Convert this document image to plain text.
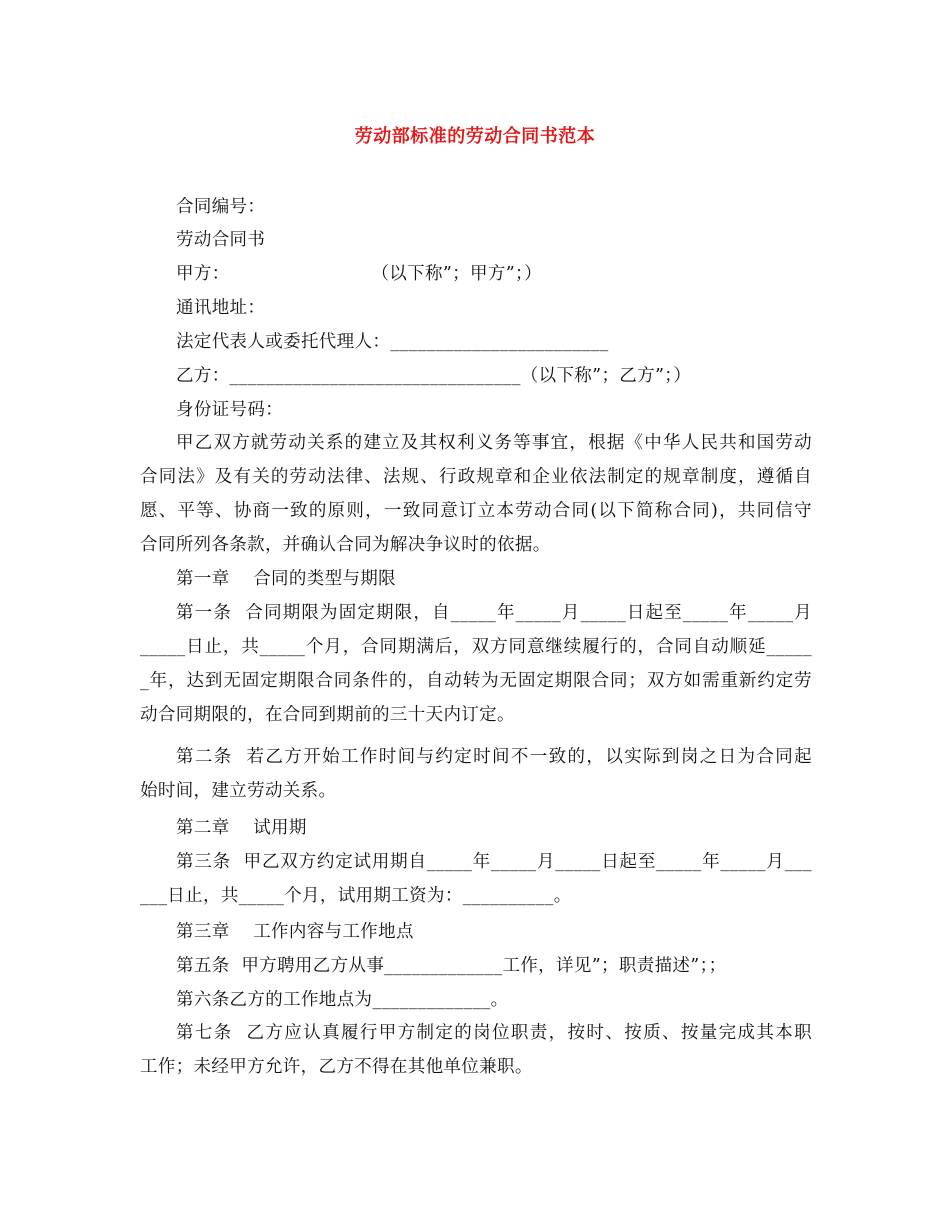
劳动部标准的劳动合同书范本
合同编号：
劳动合同书
甲方：                        （以下称”；甲方”；）
通讯地址：
法定代表人或委托代理人：________________________
乙方：________________________________（以下称”；乙方”；）
身份证号码：
甲乙双方就劳动关系的建立及其权利义务等事宜，根据《中华人民共和国劳动
合同法》及有关的劳动法律、法规、行政规章和企业依法制定的规章制度，遵循自
愿、平等、协商一致的原则，一致同意订立本劳动合同(以下简称合同)，共同信守
合同所列各条款，并确认合同为解决争议时的依据。
第一章    合同的类型与期限
第一条  合同期限为固定期限，自_____年_____月_____日起至_____年_____月
_____日止，共_____个月，合同期满后，双方同意继续履行的，合同自动顺延_____
_年，达到无固定期限合同条件的，自动转为无固定期限合同；双方如需重新约定劳
动合同期限的，在合同到期前的三十天内订定。
第二条  若乙方开始工作时间与约定时间不一致的，以实际到岗之日为合同起
始时间，建立劳动关系。
第二章    试用期
第三条  甲乙双方约定试用期自_____年_____月_____日起至_____年_____月___
___日止，共_____个月，试用期工资为：__________。
第三章    工作内容与工作地点
第五条  甲方聘用乙方从事_____________工作，详见”；职责描述”；；
第六条乙方的工作地点为_____________。
第七条  乙方应认真履行甲方制定的岗位职责，按时、按质、按量完成其本职
工作；未经甲方允许，乙方不得在其他单位兼职。
